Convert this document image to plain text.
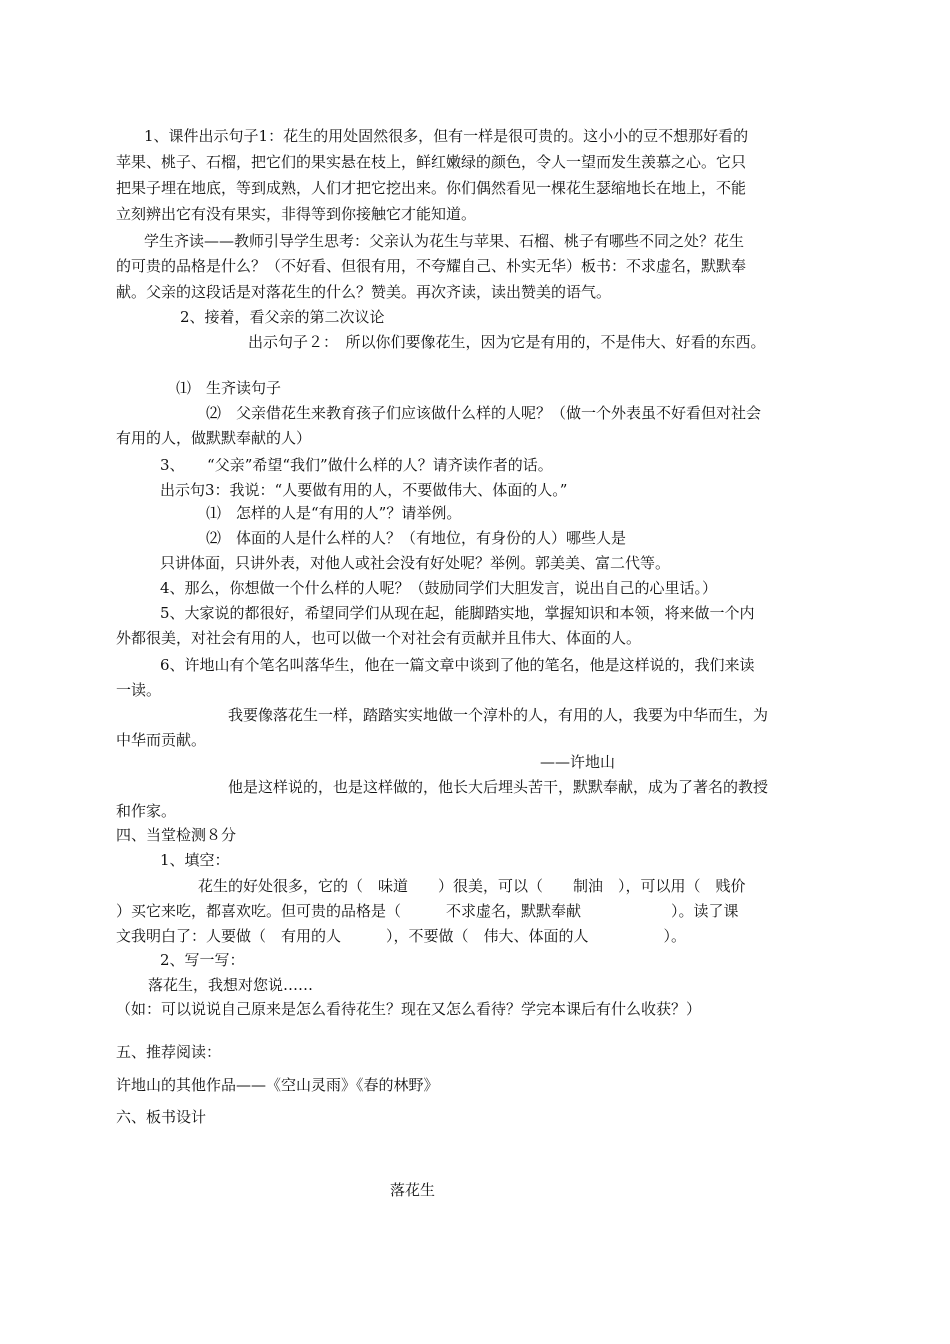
1、课件出示句子1：花生的用处固然很多，但有一样是很可贵的。这小小的豆不想那好看的
苹果、桃子、石榴，把它们的果实悬在枝上，鲜红嫩绿的颜色，令人一望而发生羡慕之心。它只
把果子埋在地底，等到成熟，人们才把它挖出来。你们偶然看见一棵花生瑟缩地长在地上，不能
立刻辨出它有没有果实，非得等到你接触它才能知道。
学生齐读——教师引导学生思考：父亲认为花生与苹果、石榴、桃子有哪些不同之处？花生
的可贵的品格是什么？（不好看、但很有用，不夸耀自己、朴实无华）板书：不求虚名，默默奉
献。父亲的这段话是对落花生的什么？赞美。再次齐读，读出赞美的语气。
2、接着，看父亲的第二次议论
出示句子２：　所以你们要像花生，因为它是有用的，不是伟大、好看的东西。
⑴　生齐读句子
⑵　父亲借花生来教育孩子们应该做什么样的人呢？（做一个外表虽不好看但对社会
有用的人，做默默奉献的人）
3、　　“父亲”希望“我们”做什么样的人？请齐读作者的话。
出示句3：我说：“人要做有用的人，不要做伟大、体面的人。”
⑴　怎样的人是“有用的人”？请举例。
⑵　体面的人是什么样的人？（有地位，有身份的人）哪些人是
只讲体面，只讲外表，对他人或社会没有好处呢？举例。郭美美、富二代等。
4、那么，你想做一个什么样的人呢？（鼓励同学们大胆发言，说出自己的心里话。）
5、大家说的都很好，希望同学们从现在起，能脚踏实地，掌握知识和本领，将来做一个内
外都很美，对社会有用的人，也可以做一个对社会有贡献并且伟大、体面的人。
6、许地山有个笔名叫落华生，他在一篇文章中谈到了他的笔名，他是这样说的，我们来读
一读。
我要像落花生一样，踏踏实实地做一个淳朴的人，有用的人，我要为中华而生，为
中华而贡献。
——许地山
他是这样说的，也是这样做的，他长大后埋头苦干，默默奉献，成为了著名的教授
和作家。
四、当堂检测８分
1、填空：
花生的好处很多，它的（　味道　　）很美，可以（　　制油　），可以用（　贱价
）买它来吃，都喜欢吃。但可贵的品格是（　　　不求虚名，默默奉献　　　　　　）。读了课
文我明白了：人要做（　有用的人　　　），不要做（　伟大、体面的人　　　　　）。
2、写一写：
落花生，我想对您说……
（如：可以说说自己原来是怎么看待花生？现在又怎么看待？学完本课后有什么收获？）
五、推荐阅读：
许地山的其他作品——《空山灵雨》《春的林野》
六、板书设计
落花生
